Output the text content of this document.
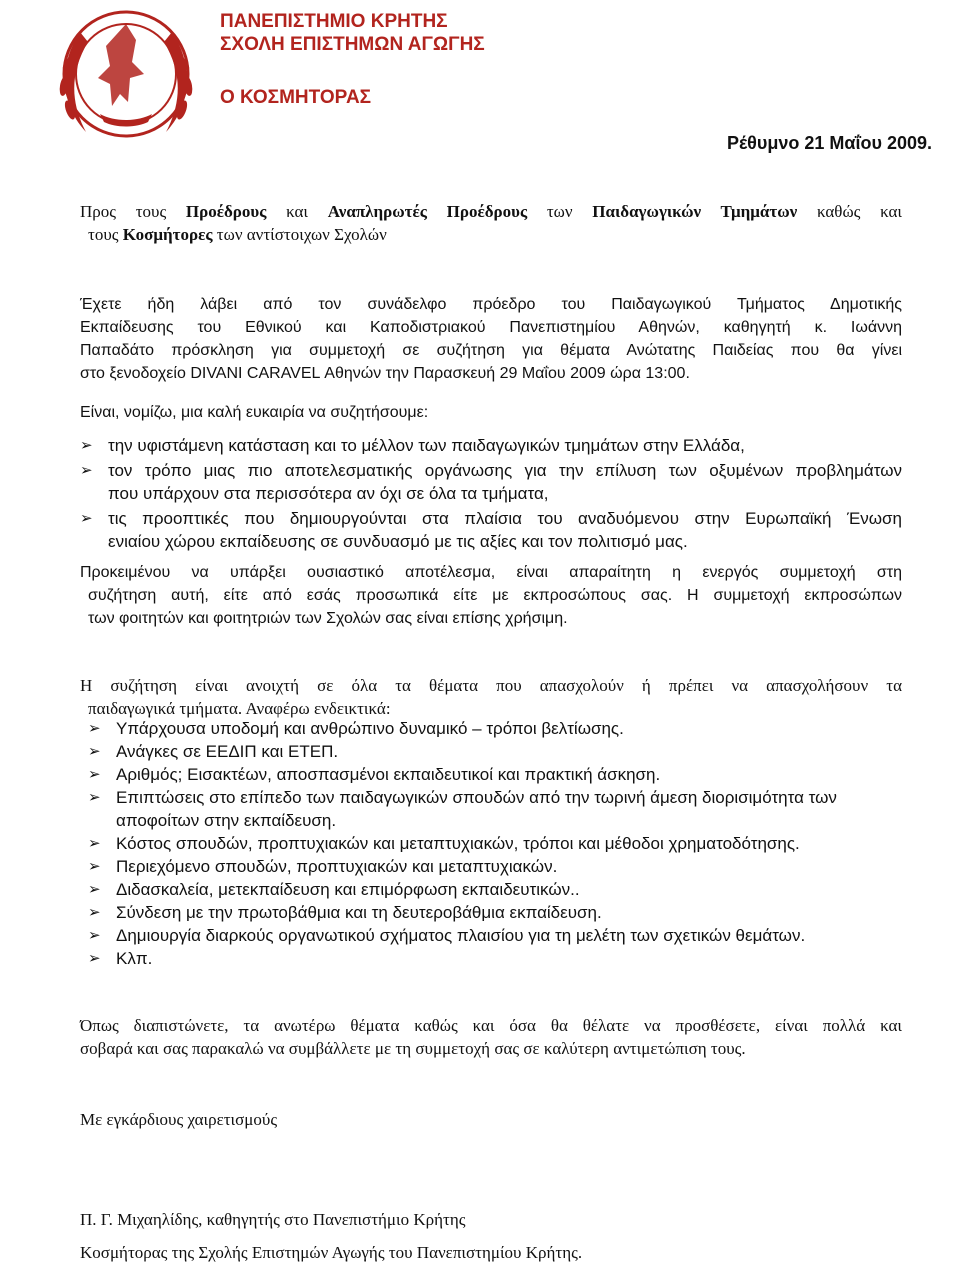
ΠΑΝΕΠΙΣΤΗΜΙΟ ΚΡΗΤΗΣ

ΣΧΟΛΗ ΕΠΙΣΤΗΜΩΝ ΑΓΩΓΗΣ

Ο ΚΟΣΜΗΤΟΡΑΣ

Ρέθυμνο 21 Μαΐου 2009.
Προς τους Προέδρους και Αναπληρωτές Προέδρους των Παιδαγωγικών Τμημάτων καθώς και
τους Κοσμήτορες των αντίστοιχων Σχολών
Έχετε ήδη λάβει από τον συνάδελφο πρόεδρο του Παιδαγωγικού Τμήματος Δημοτικής
Εκπαίδευσης του Εθνικού και Καποδιστριακού Πανεπιστημίου Αθηνών, καθηγητή κ. Ιωάννη
Παπαδάτο πρόσκληση για συμμετοχή σε συζήτηση για θέματα Ανώτατης Παιδείας που θα γίνει
στο ξενοδοχείο DIVANI CARAVEL Αθηνών την Παρασκευή 29 Μαΐου 2009 ώρα 13:00.
Είναι, νομίζω, μια καλή ευκαιρία να συζητήσουμε:
➢ την υφιστάμενη κατάσταση και το μέλλον των παιδαγωγικών τμημάτων στην Ελλάδα,
➢ τον τρόπο μιας πιο αποτελεσματικής οργάνωσης για την επίλυση των οξυμένων προβλημάτων
που υπάρχουν στα περισσότερα αν όχι σε όλα τα τμήματα,
➢ τις προοπτικές που δημιουργούνται στα πλαίσια του αναδυόμενου στην Ευρωπαϊκή Ένωση
ενιαίου χώρου εκπαίδευσης σε συνδυασμό με τις αξίες και τον πολιτισμό μας.
Προκειμένου να υπάρξει ουσιαστικό αποτέλεσμα, είναι απαραίτητη η ενεργός συμμετοχή στη
συζήτηση αυτή, είτε από εσάς προσωπικά είτε με εκπροσώπους σας. Η συμμετοχή εκπροσώπων
των φοιτητών και φοιτητριών των Σχολών σας είναι επίσης χρήσιμη.
Η συζήτηση είναι ανοιχτή σε όλα τα θέματα που απασχολούν ή πρέπει να απασχολήσουν τα
παιδαγωγικά τμήματα. Αναφέρω ενδεικτικά:
➢ Υπάρχουσα υποδομή και ανθρώπινο δυναμικό – τρόποι βελτίωσης.
➢ Ανάγκες σε ΕΕΔΙΠ και ΕΤΕΠ.
➢ Αριθμός; Εισακτέων, αποσπασμένοι εκπαιδευτικοί και πρακτική άσκηση.
➢ Επιπτώσεις στο επίπεδο των παιδαγωγικών σπουδών από την τωρινή άμεση διορισιμότητα των
αποφοίτων στην εκπαίδευση.
➢ Κόστος σπουδών, προπτυχιακών και μεταπτυχιακών, τρόποι και μέθοδοι χρηματοδότησης.
➢ Περιεχόμενο σπουδών, προπτυχιακών και μεταπτυχιακών.
➢ Διδασκαλεία, μετεκπαίδευση και επιμόρφωση εκπαιδευτικών..
➢ Σύνδεση με την πρωτοβάθμια και τη δευτεροβάθμια εκπαίδευση.
➢ Δημιουργία διαρκούς οργανωτικού σχήματος πλαισίου για τη μελέτη των σχετικών θεμάτων.
➢ Κλπ.
Όπως διαπιστώνετε, τα ανωτέρω θέματα καθώς και όσα θα θέλατε να προσθέσετε, είναι πολλά και
σοβαρά και σας παρακαλώ να συμβάλλετε με τη συμμετοχή σας σε καλύτερη αντιμετώπιση τους.
Με εγκάρδιους χαιρετισμούς
Π. Γ. Μιχαηλίδης, καθηγητής στο Πανεπιστήμιο Κρήτης
Κοσμήτορας της Σχολής Επιστημών Αγωγής του Πανεπιστημίου Κρήτης.
